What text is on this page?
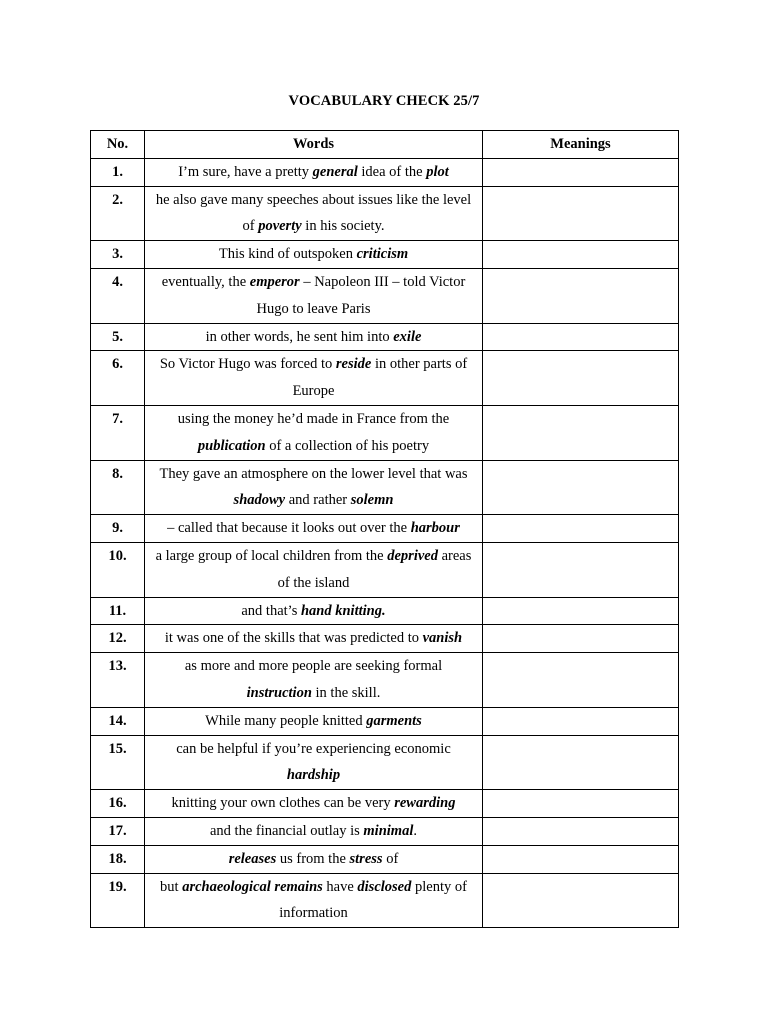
VOCABULARY CHECK 25/7
No.	Words	Meanings
1.	I’m sure, have a pretty general idea of the plot	
2.	he also gave many speeches about issues like the level of poverty in his society.	
3.	This kind of outspoken criticism	
4.	eventually, the emperor – Napoleon III – told Victor Hugo to leave Paris	
5.	in other words, he sent him into exile	
6.	So Victor Hugo was forced to reside in other parts of Europe	
7.	using the money he’d made in France from the publication of a collection of his poetry	
8.	They gave an atmosphere on the lower level that was shadowy and rather solemn	
9.	– called that because it looks out over the harbour	
10.	a large group of local children from the deprived areas of the island	
11.	and that’s hand knitting.	
12.	it was one of the skills that was predicted to vanish	
13.	as more and more people are seeking formal instruction in the skill.	
14.	While many people knitted garments	
15.	can be helpful if you’re experiencing economic hardship	
16.	knitting your own clothes can be very rewarding	
17.	and the financial outlay is minimal.	
18.	releases us from the stress of	
19.	but archaeological remains have disclosed plenty of information	
